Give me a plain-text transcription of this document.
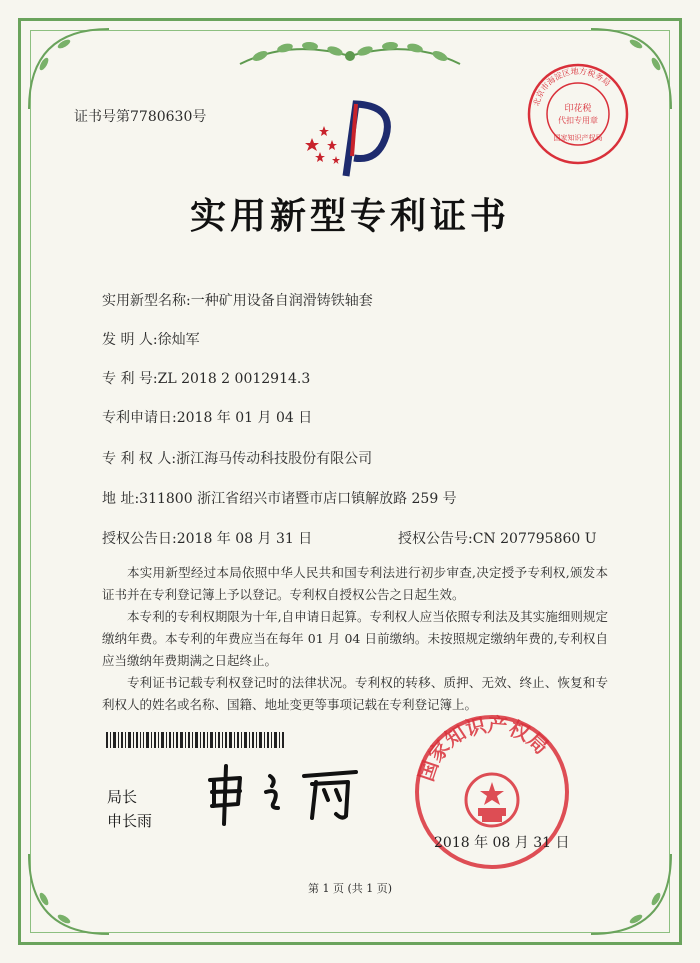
证书号第7780630号
北京市海淀区地方税务局
印花税
代扣专用章
国家知识产权局
实用新型专利证书
实用新型名称:一种矿用设备自润滑铸铁轴套
发 明 人:徐灿军
专 利 号:ZL 2018 2 0012914.3
专利申请日:2018 年 01 月 04 日
专 利 权 人:浙江海马传动科技股份有限公司
地 址:311800 浙江省绍兴市诸暨市店口镇解放路 259 号
授权公告日:2018 年 08 月 31 日	授权公告号:CN 207795860 U
本实用新型经过本局依照中华人民共和国专利法进行初步审查,决定授予专利权,颁发本证书并在专利登记簿上予以登记。专利权自授权公告之日起生效。
本专利的专利权期限为十年,自申请日起算。专利权人应当依照专利法及其实施细则规定缴纳年费。本专利的年费应当在每年 01 月 04 日前缴纳。未按照规定缴纳年费的,专利权自应当缴纳年费期满之日起终止。
专利证书记载专利权登记时的法律状况。专利权的转移、质押、无效、终止、恢复和专利权人的姓名或名称、国籍、地址变更等事项记载在专利登记簿上。
局长
申长雨
国家知识产权局
2018 年 08 月 31 日
第 1 页 (共 1 页)
